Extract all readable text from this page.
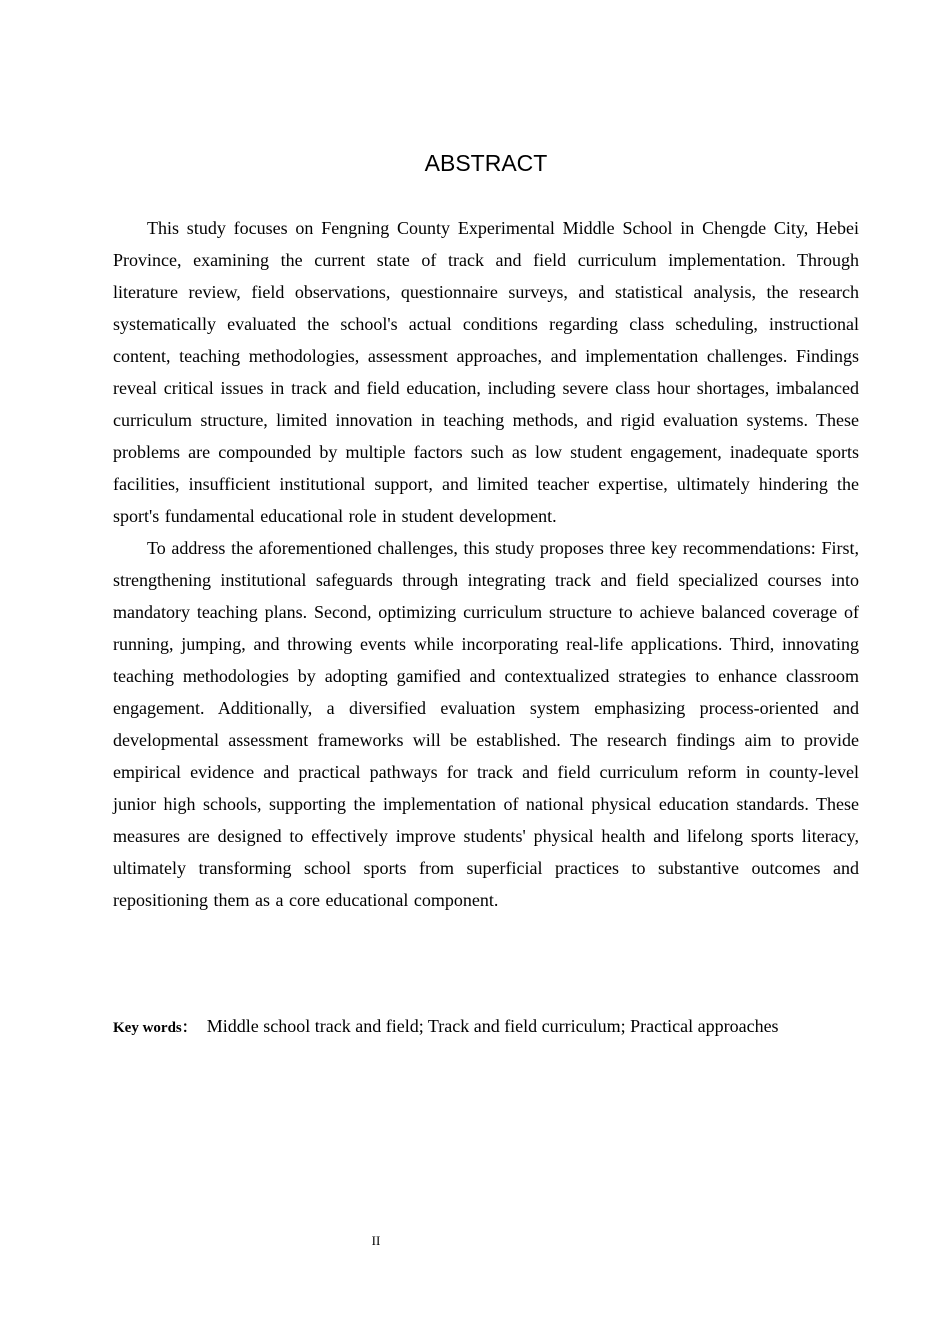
ABSTRACT

This study focuses on Fengning County Experimental Middle School in Chengde City, Hebei Province, examining the current state of track and field curriculum implementation. Through literature review, field observations, questionnaire surveys, and statistical analysis, the research systematically evaluated the school's actual conditions regarding class scheduling, instructional content, teaching methodologies, assessment approaches, and implementation challenges. Findings reveal critical issues in track and field education, including severe class hour shortages, imbalanced curriculum structure, limited innovation in teaching methods, and rigid evaluation systems. These problems are compounded by multiple factors such as low student engagement, inadequate sports facilities, insufficient institutional support, and limited teacher expertise, ultimately hindering the sport's fundamental educational role in student development.

To address the aforementioned challenges, this study proposes three key recommendations: First, strengthening institutional safeguards through integrating track and field specialized courses into mandatory teaching plans. Second, optimizing curriculum structure to achieve balanced coverage of running, jumping, and throwing events while incorporating real-life applications. Third, innovating teaching methodologies by adopting gamified and contextualized strategies to enhance classroom engagement. Additionally, a diversified evaluation system emphasizing process-oriented and developmental assessment frameworks will be established. The research findings aim to provide empirical evidence and practical pathways for track and field curriculum reform in county-level junior high schools, supporting the implementation of national physical education standards. These measures are designed to effectively improve students' physical health and lifelong sports literacy, ultimately transforming school sports from superficial practices to substantive outcomes and repositioning them as a core educational component.

Key words： Middle school track and field; Track and field curriculum; Practical approaches
II
